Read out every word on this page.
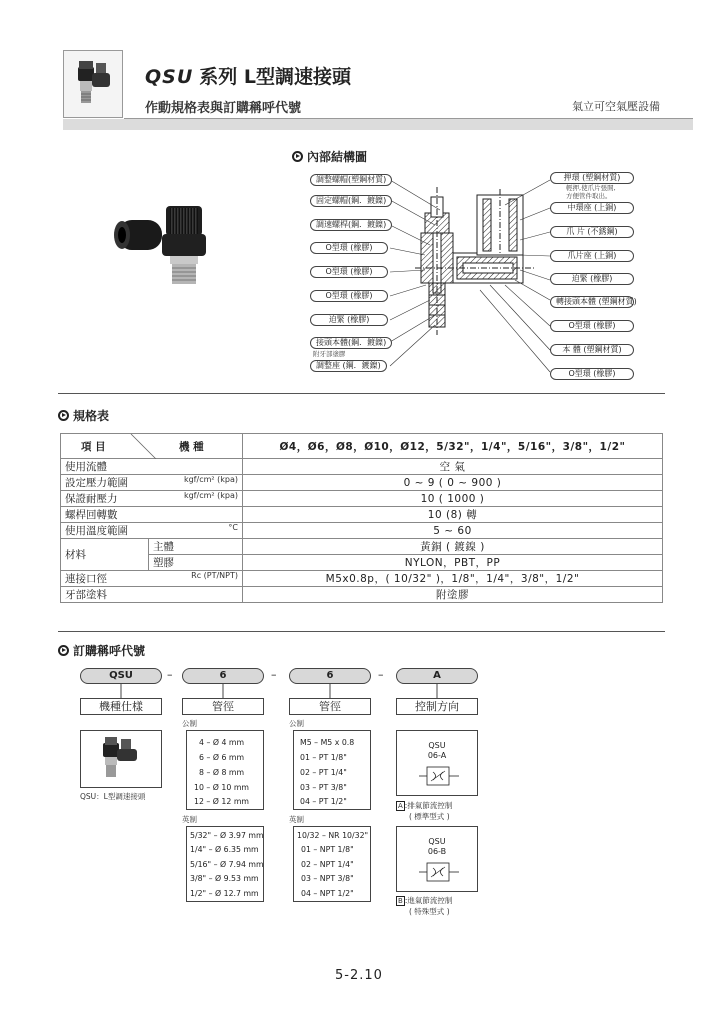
QSU 系列 L型調速接頭
作動規格表與訂購稱呼代號	氣立可空氣壓設備
內部結構圖
調整螺帽(塑鋼材質)
固定螺帽(鋼．鍍鎳)
調速螺桿(鋼．鍍鎳)
O型環 (橡膠)
O型環 (橡膠)
O型環 (橡膠)
迫緊 (橡膠)
接頭本體(鋼．鍍鎳)
附牙部塗膠
調整座 (鋼．鍍鎳)
押環 (塑鋼材質)
輕押,使爪片張開,
方便管件取出。
中環座 (上銅)
爪 片 (不銹鋼)
爪片座 (上銅)
迫緊 (橡膠)
轉接頭本體 (塑鋼材質)
O型環 (橡膠)
本 體 (塑鋼材質)
O型環 (橡膠)
規格表
項 目 機 種		Ø4，Ø6，Ø8，Ø10，Ø12，5/32"，1/4"，5/16"，3/8"，1/2"
使用流體		空 氣
設定壓力範圍 kgf/cm² (kpa)		0 ~ 9 ( 0 ~ 900 )
保證耐壓力 kgf/cm² (kpa)		10 ( 1000 )
螺桿回轉數		10 (8) 轉
使用溫度範圍 °C		5 ~ 60
材料	主體	黃銅 ( 鍍鎳 )
	塑膠	NYLON，PBT，PP
連接口徑 Rc (PT/NPT)		M5x0.8p，( 10/32" )，1/8"，1/4"，3/8"，1/2"
牙部塗料		附塗膠
訂購稱呼代號
QSU	–	6	–	6	–	A
機種仕樣	管徑	管徑	控制方向
QSU：L型調速接頭
公制
4 – Ø 4 mm
6 – Ø 6 mm
8 – Ø 8 mm
10 – Ø 10 mm
12 – Ø 12 mm
英制
5/32" – Ø 3.97 mm
1/4" – Ø 6.35 mm
5/16" – Ø 7.94 mm
3/8" – Ø 9.53 mm
1/2" – Ø 12.7 mm
公制
M5 – M5 x 0.8
01 – PT 1/8"
02 – PT 1/4"
03 – PT 3/8"
04 – PT 1/2"
英制
10/32 – NR 10/32"
01 – NPT 1/8"
02 – NPT 1/4"
03 – NPT 3/8"
04 – NPT 1/2"
QSU
06-A
A :排氣節流控制
( 標準型式 )
QSU
06-B
B :進氣節流控制
( 特殊型式 )
5-2.10
